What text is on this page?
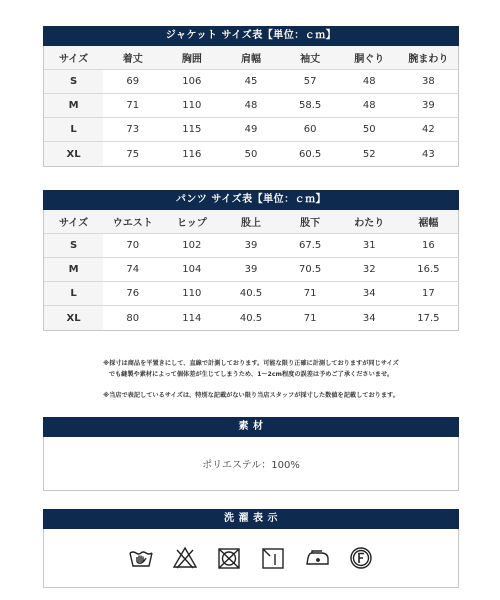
ジャケット サイズ表【単位：ｃｍ】
サイズ	着丈	胸囲	肩幅	袖丈	胴ぐり	腕まわり
S	69	106	45	57	48	38
M	71	110	48	58.5	48	39
L	73	115	49	60	50	42
XL	75	116	50	60.5	52	43
パンツ サイズ表【単位：ｃｍ】
サイズ	ウエスト	ヒップ	股上	股下	わたり	裾幅
S	70	102	39	67.5	31	16
M	74	104	39	70.5	32	16.5
L	76	110	40.5	71	34	17
XL	80	114	40.5	71	34	17.5
※採寸は商品を平置きにして、直線で計測しております。可能な限り正確に計測しておりますが同じサイズ
でも縫製や素材によって個体差が生じてしまうため、1～2cm程度の誤差は予めご了承くださいませ。
※当店で表記しているサイズは、特別な記載がない限り当店スタッフが採寸した数値を記載しております。
素 材
ポリエステル：100%
洗 濯 表 示
